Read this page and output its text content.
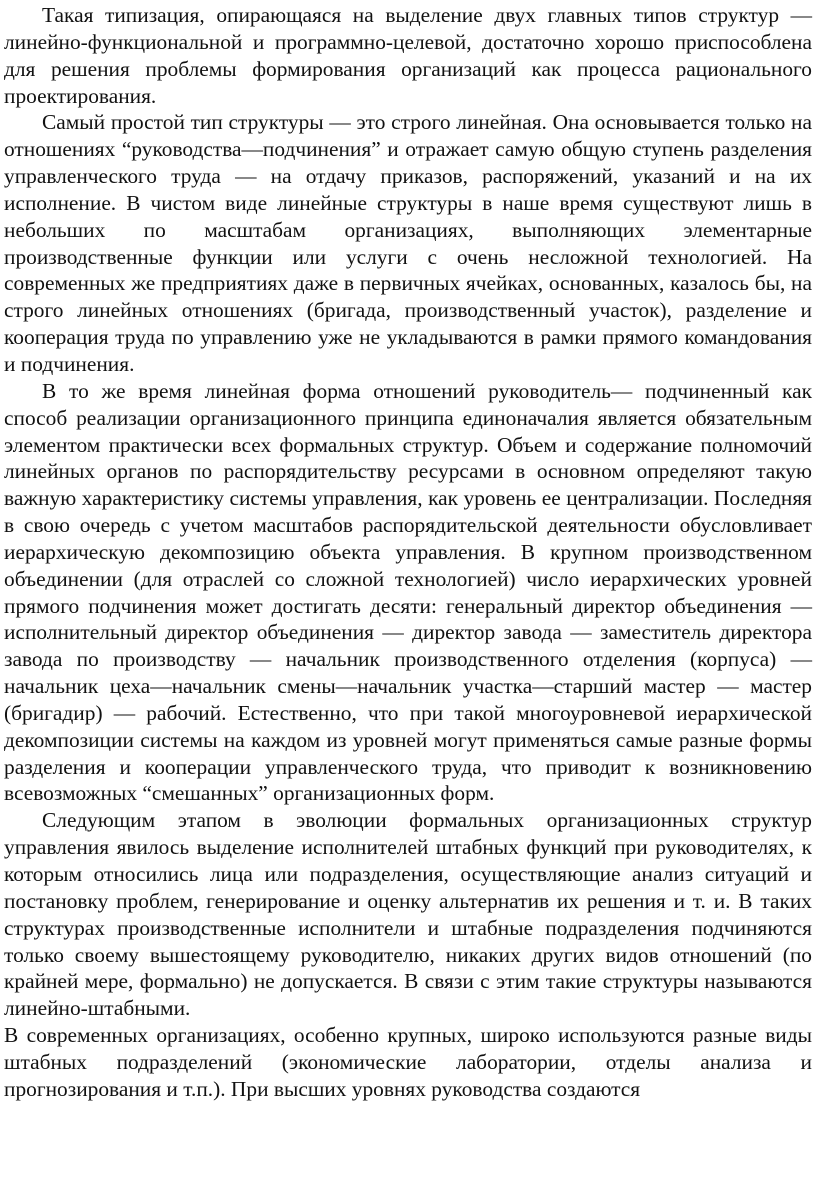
Такая типизация, опирающаяся на выделение двух главных типов структур — линейно-функциональной и программно-целевой, достаточно хорошо приспособлена для решения проблемы формирования организаций как процесса рационального проектирования.

Самый простой тип структуры — это строго линейная. Она основывается только на отношениях “руководства—подчинения” и отражает самую общую ступень разделения управленческого труда — на отдачу приказов, распоряжений, указаний и на их исполнение. В чистом виде линейные структуры в наше время существуют лишь в небольших по масштабам организациях, выполняющих элементарные производственные функции или услуги с очень несложной технологией. На современных же предприятиях даже в первичных ячейках, основанных, казалось бы, на строго линейных отношениях (бригада, производственный участок), разделение и кооперация труда по управлению уже не укладываются в рамки прямого командования и подчинения.

В то же время линейная форма отношений руководитель— подчиненный как способ реализации организационного принципа единоначалия является обязательным элементом практически всех формальных структур. Объем и содержание полномочий линейных органов по распорядительству ресурсами в основном определяют такую важную характеристику системы управления, как уровень ее централизации. Последняя в свою очередь с учетом масштабов распорядительской деятельности обусловливает иерархическую декомпозицию объекта управления. В крупном производственном объединении (для отраслей со сложной технологией) число иерархических уровней прямого подчинения может достигать десяти: генеральный директор объединения — исполнительный директор объединения — директор завода — заместитель директора завода по производству — начальник производственного отделения (корпуса) — начальник цеха—начальник смены—начальник участка—старший мастер — мастер (бригадир) — рабочий. Естественно, что при такой многоуровневой иерархической декомпозиции системы на каждом из уровней могут применяться самые разные формы разделения и кооперации управленческого труда, что приводит к возникновению всевозможных “смешанных” организационных форм.

Следующим этапом в эволюции формальных организационных структур управления явилось выделение исполнителей штабных функций при руководителях, к которым относились лица или подразделения, осуществляющие анализ ситуаций и постановку проблем, генерирование и оценку альтернатив их решения и т. и. В таких структурах производственные исполнители и штабные подразделения подчиняются только своему вышестоящему руководителю, никаких других видов отношений (по крайней мере, формально) не допускается. В связи с этим такие структуры называются линейно-штабными.

В современных организациях, особенно крупных, широко используются разные виды штабных подразделений (экономические лаборатории, отделы анализа и прогнозирования и т.п.). При высших уровнях руководства создаются
